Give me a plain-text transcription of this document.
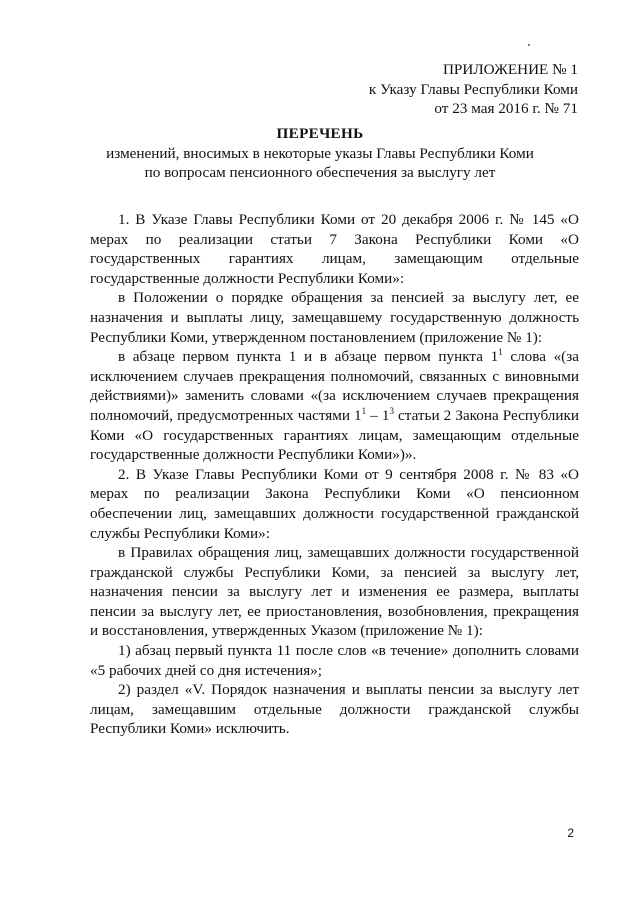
ПРИЛОЖЕНИЕ № 1
к Указу Главы Республики Коми
от 23 мая 2016 г. № 71
ПЕРЕЧЕНЬ
изменений, вносимых в некоторые указы Главы Республики Коми
по вопросам пенсионного обеспечения за выслугу лет

1. В Указе Главы Республики Коми от 20 декабря 2006 г. № 145 «О мерах по реализации статьи 7 Закона Республики Коми «О государственных гарантиях лицам, замещающим отдельные государственные должности Республики Коми»:

в Положении о порядке обращения за пенсией за выслугу лет, ее назначения и выплаты лицу, замещавшему государственную должность Республики Коми, утвержденном постановлением (приложение № 1):

в абзаце первом пункта 1 и в абзаце первом пункта $1^1$ слова «(за исключением случаев прекращения полномочий, связанных с виновными действиями)» заменить словами «(за исключением случаев прекращения полномочий, предусмотренных частями $1^1 - 1^3$ статьи 2 Закона Республики Коми «О государственных гарантиях лицам, замещающим отдельные государственные должности Республики Коми»)».

2. В Указе Главы Республики Коми от 9 сентября 2008 г. № 83 «О мерах по реализации Закона Республики Коми «О пенсионном обеспечении лиц, замещавших должности государственной гражданской службы Республики Коми»:

в Правилах обращения лиц, замещавших должности государственной гражданской службы Республики Коми, за пенсией за выслугу лет, назначения пенсии за выслугу лет и изменения ее размера, выплаты пенсии за выслугу лет, ее приостановления, возобновления, прекращения и восстановления, утвержденных Указом (приложение № 1):

1) абзац первый пункта 11 после слов «в течение» дополнить словами «5 рабочих дней со дня истечения»;

2) раздел «V. Порядок назначения и выплаты пенсии за выслугу лет лицам, замещавшим отдельные должности гражданской службы Республики Коми» исключить.

2
